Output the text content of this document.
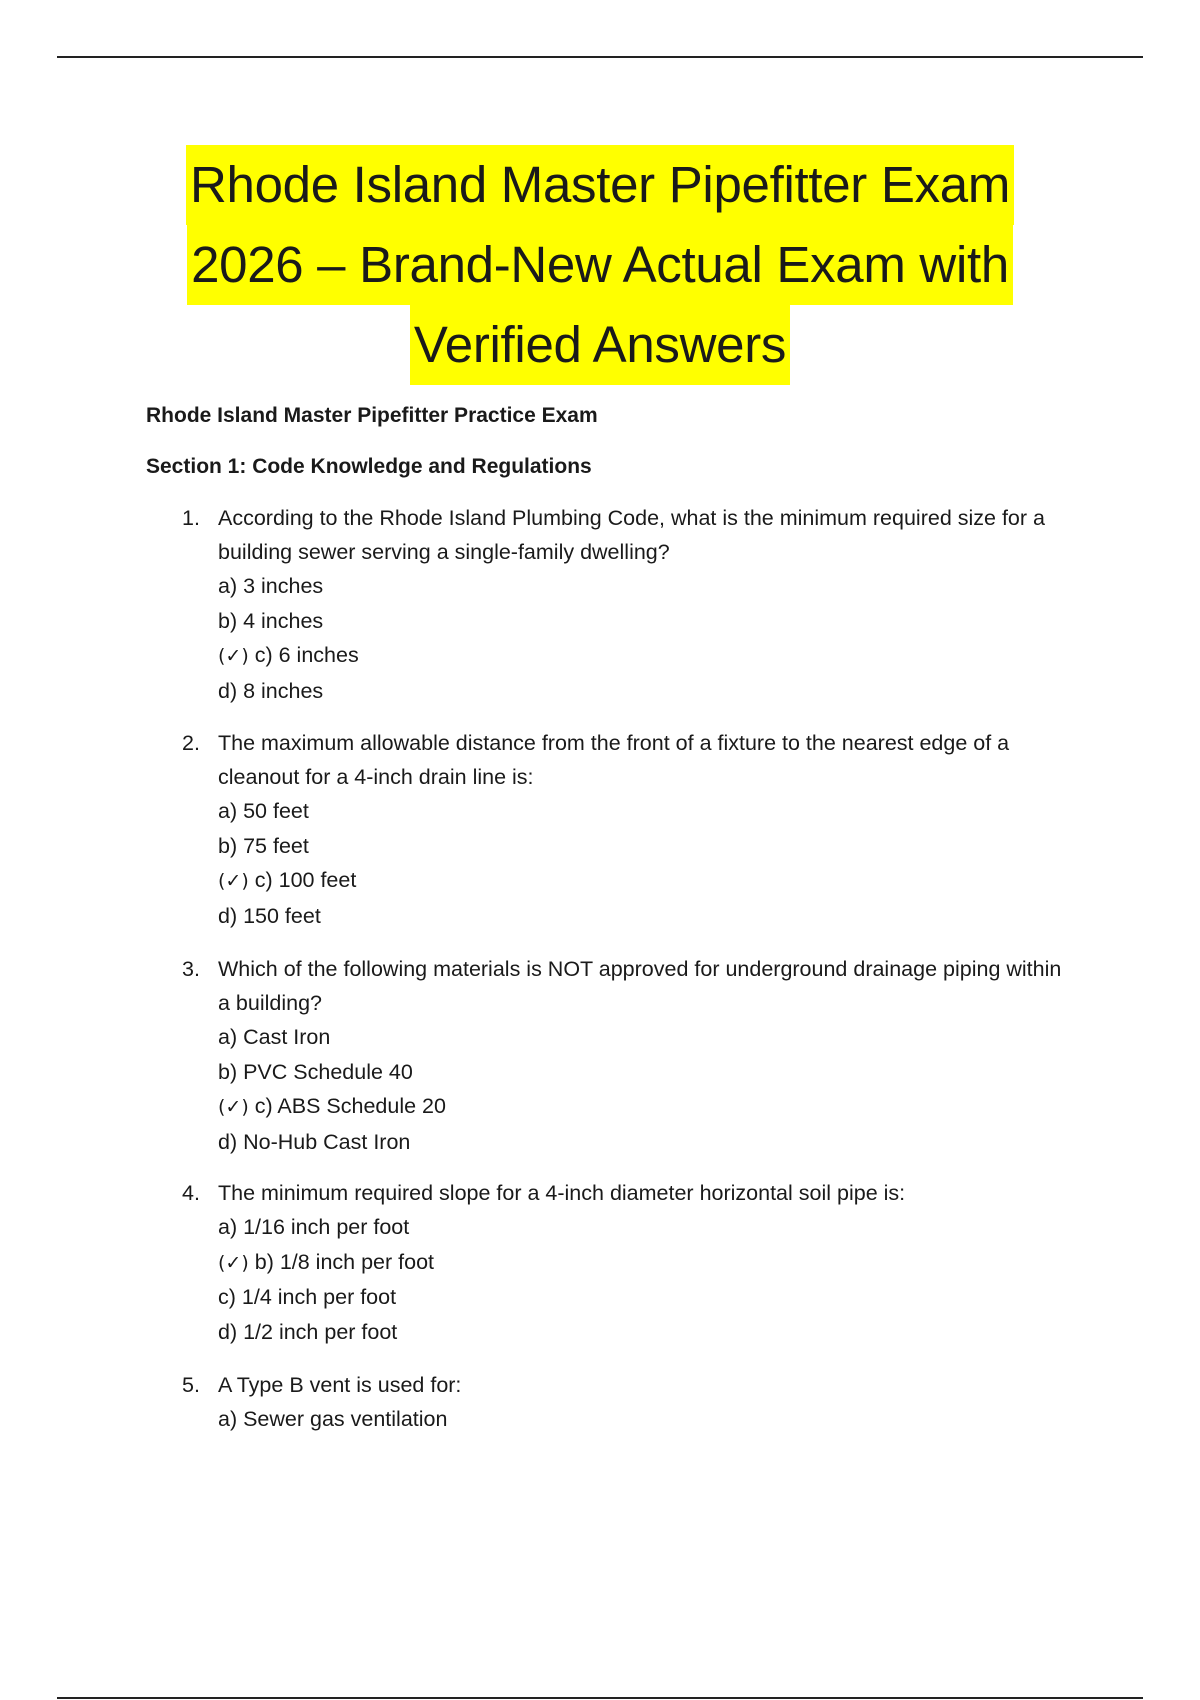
Rhode Island Master Pipefitter Exam
2026 – Brand-New Actual Exam with
Verified Answers
Rhode Island Master Pipefitter Practice Exam
Section 1: Code Knowledge and Regulations
1. According to the Rhode Island Plumbing Code, what is the minimum required size for a building sewer serving a single-family dwelling?
a) 3 inches
b) 4 inches
(✓) c) 6 inches
d) 8 inches
2. The maximum allowable distance from the front of a fixture to the nearest edge of a cleanout for a 4-inch drain line is:
a) 50 feet
b) 75 feet
(✓) c) 100 feet
d) 150 feet
3. Which of the following materials is NOT approved for underground drainage piping within a building?
a) Cast Iron
b) PVC Schedule 40
(✓) c) ABS Schedule 20
d) No-Hub Cast Iron
4. The minimum required slope for a 4-inch diameter horizontal soil pipe is:
a) 1/16 inch per foot
(✓) b) 1/8 inch per foot
c) 1/4 inch per foot
d) 1/2 inch per foot
5. A Type B vent is used for:
a) Sewer gas ventilation
